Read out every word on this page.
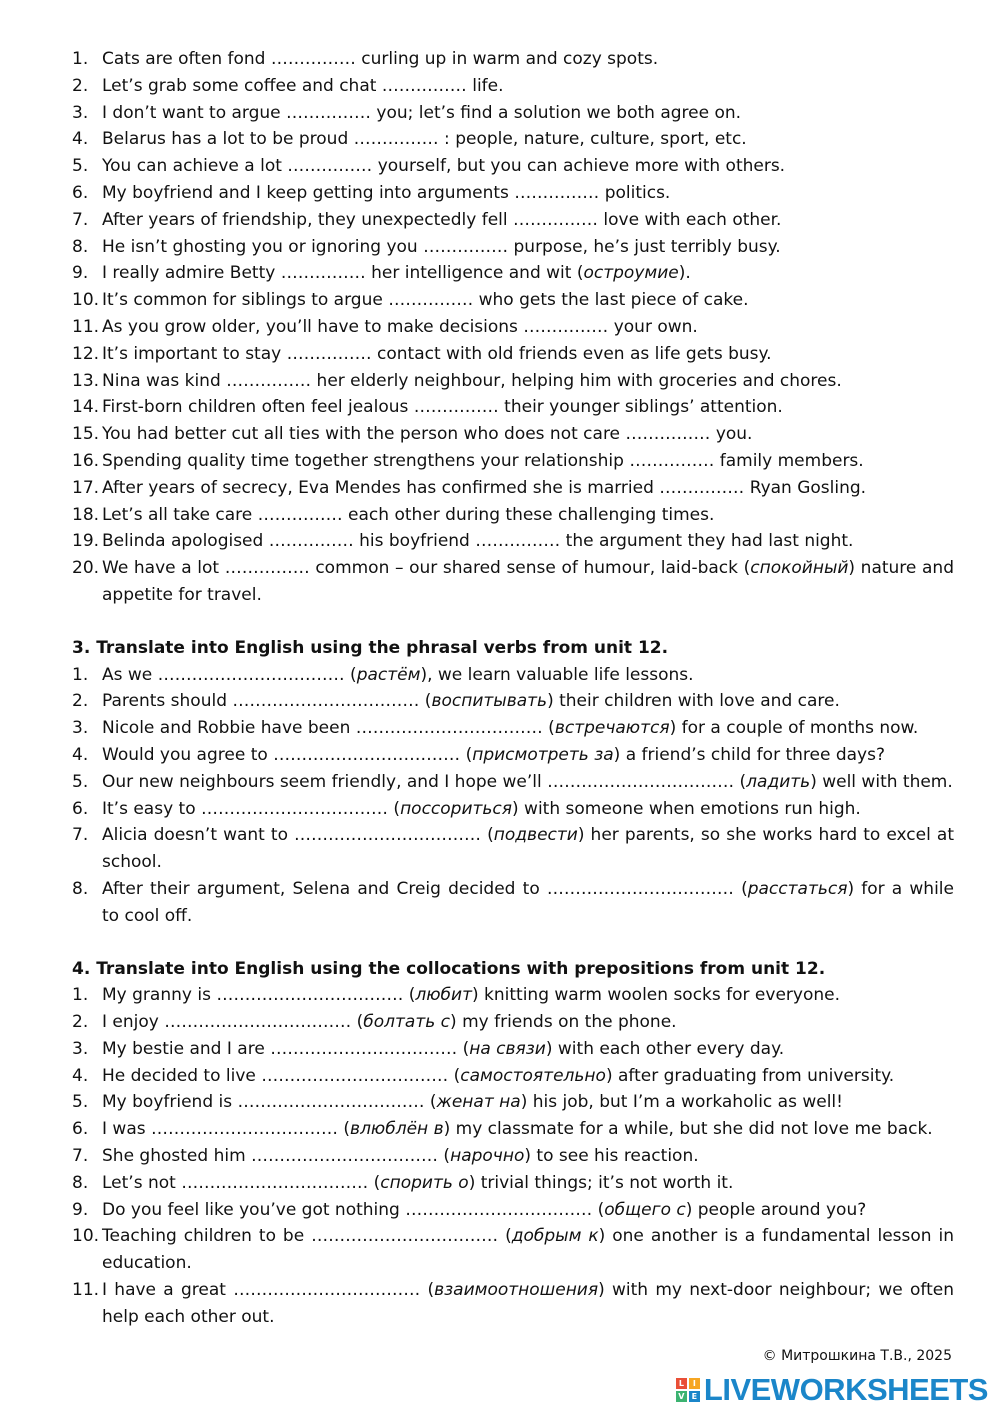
1. Cats are often fond …………… curling up in warm and cozy spots.
2. Let’s grab some coffee and chat …………… life.
3. I don’t want to argue …………… you; let’s find a solution we both agree on.
4. Belarus has a lot to be proud …………… : people, nature, culture, sport, etc.
5. You can achieve a lot …………… yourself, but you can achieve more with others.
6. My boyfriend and I keep getting into arguments …………… politics.
7. After years of friendship, they unexpectedly fell …………… love with each other.
8. He isn’t ghosting you or ignoring you …………… purpose, he’s just terribly busy.
9. I really admire Betty …………… her intelligence and wit (остроумие).
10. It’s common for siblings to argue …………… who gets the last piece of cake.
11. As you grow older, you’ll have to make decisions …………… your own.
12. It’s important to stay …………… contact with old friends even as life gets busy.
13. Nina was kind …………… her elderly neighbour, helping him with groceries and chores.
14. First-born children often feel jealous …………… their younger siblings’ attention.
15. You had better cut all ties with the person who does not care …………… you.
16. Spending quality time together strengthens your relationship …………… family members.
17. After years of secrecy, Eva Mendes has confirmed she is married …………… Ryan Gosling.
18. Let’s all take care …………… each other during these challenging times.
19. Belinda apologised …………… his boyfriend …………… the argument they had last night.
20. We have a lot …………… common – our shared sense of humour, laid-back (спокойный) nature and appetite for travel.
3. Translate into English using the phrasal verbs from unit 12.
1. As we …………………………… (растём), we learn valuable life lessons.
2. Parents should …………………………… (воспитывать) their children with love and care.
3. Nicole and Robbie have been …………………………… (встречаются) for a couple of months now.
4. Would you agree to …………………………… (присмотреть за) a friend’s child for three days?
5. Our new neighbours seem friendly, and I hope we’ll …………………………… (ладить) well with them.
6. It’s easy to …………………………… (поссориться) with someone when emotions run high.
7. Alicia doesn’t want to …………………………… (подвести) her parents, so she works hard to excel at school.
8. After their argument, Selena and Creig decided to …………………………… (расстаться) for a while to cool off.
4. Translate into English using the collocations with prepositions from unit 12.
1. My granny is …………………………… (любит) knitting warm woolen socks for everyone.
2. I enjoy …………………………… (болтать с) my friends on the phone.
3. My bestie and I are …………………………… (на связи) with each other every day.
4. He decided to live …………………………… (самостоятельно) after graduating from university.
5. My boyfriend is …………………………… (женат на) his job, but I’m a workaholic as well!
6. I was …………………………… (влюблён в) my classmate for a while, but she did not love me back.
7. She ghosted him …………………………… (нарочно) to see his reaction.
8. Let’s not …………………………… (спорить о) trivial things; it’s not worth it.
9. Do you feel like you’ve got nothing …………………………… (общего с) people around you?
10. Teaching children to be …………………………… (добрым к) one another is a fundamental lesson in education.
11. I have a great …………………………… (взаимоотношения) with my next-door neighbour; we often help each other out.
© Митрошкина Т.В., 2025
L	I
V E LIVEWORKSHEETS
